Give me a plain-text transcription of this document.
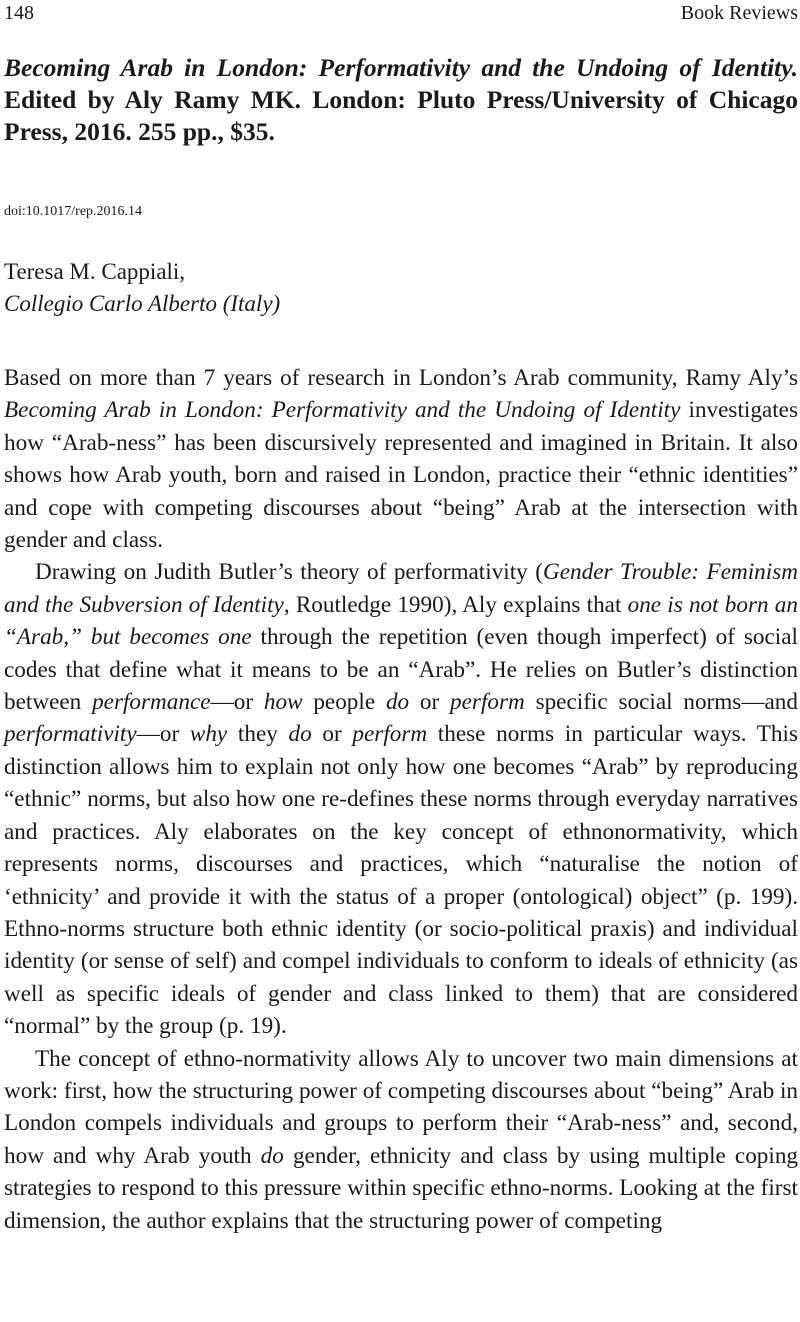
148	Book Reviews
Becoming Arab in London: Performativity and the Undoing of Identity. Edited by Aly Ramy MK. London: Pluto Press/University of Chicago Press, 2016. 255 pp., $35.
doi:10.1017/rep.2016.14
Teresa M. Cappiali,
Collegio Carlo Alberto (Italy)

Based on more than 7 years of research in London’s Arab community, Ramy Aly’s Becoming Arab in London: Performativity and the Undoing of Identity investigates how “Arab-ness” has been discursively represented and imagined in Britain. It also shows how Arab youth, born and raised in London, practice their “ethnic identities” and cope with competing discourses about “being” Arab at the intersection with gender and class.

Drawing on Judith Butler’s theory of performativity (Gender Trouble: Feminism and the Subversion of Identity, Routledge 1990), Aly explains that one is not born an “Arab,” but becomes one through the repetition (even though imperfect) of social codes that define what it means to be an “Arab”. He relies on Butler’s distinction between performance—or how people do or perform specific social norms—and performativity—or why they do or perform these norms in particular ways. This distinction allows him to explain not only how one becomes “Arab” by reproducing “ethnic” norms, but also how one re-defines these norms through everyday narratives and practices. Aly elaborates on the key concept of ethnonormativity, which represents norms, discourses and practices, which “naturalise the notion of ‘ethnicity’ and provide it with the status of a proper (ontological) object” (p. 199). Ethno-norms structure both ethnic identity (or socio-political praxis) and individual identity (or sense of self) and compel individuals to conform to ideals of ethnicity (as well as specific ideals of gender and class linked to them) that are considered “normal” by the group (p. 19).

The concept of ethno-normativity allows Aly to uncover two main dimensions at work: first, how the structuring power of competing discourses about “being” Arab in London compels individuals and groups to perform their “Arab-ness” and, second, how and why Arab youth do gender, ethnicity and class by using multiple coping strategies to respond to this pressure within specific ethno-norms. Looking at the first dimension, the author explains that the structuring power of competing
